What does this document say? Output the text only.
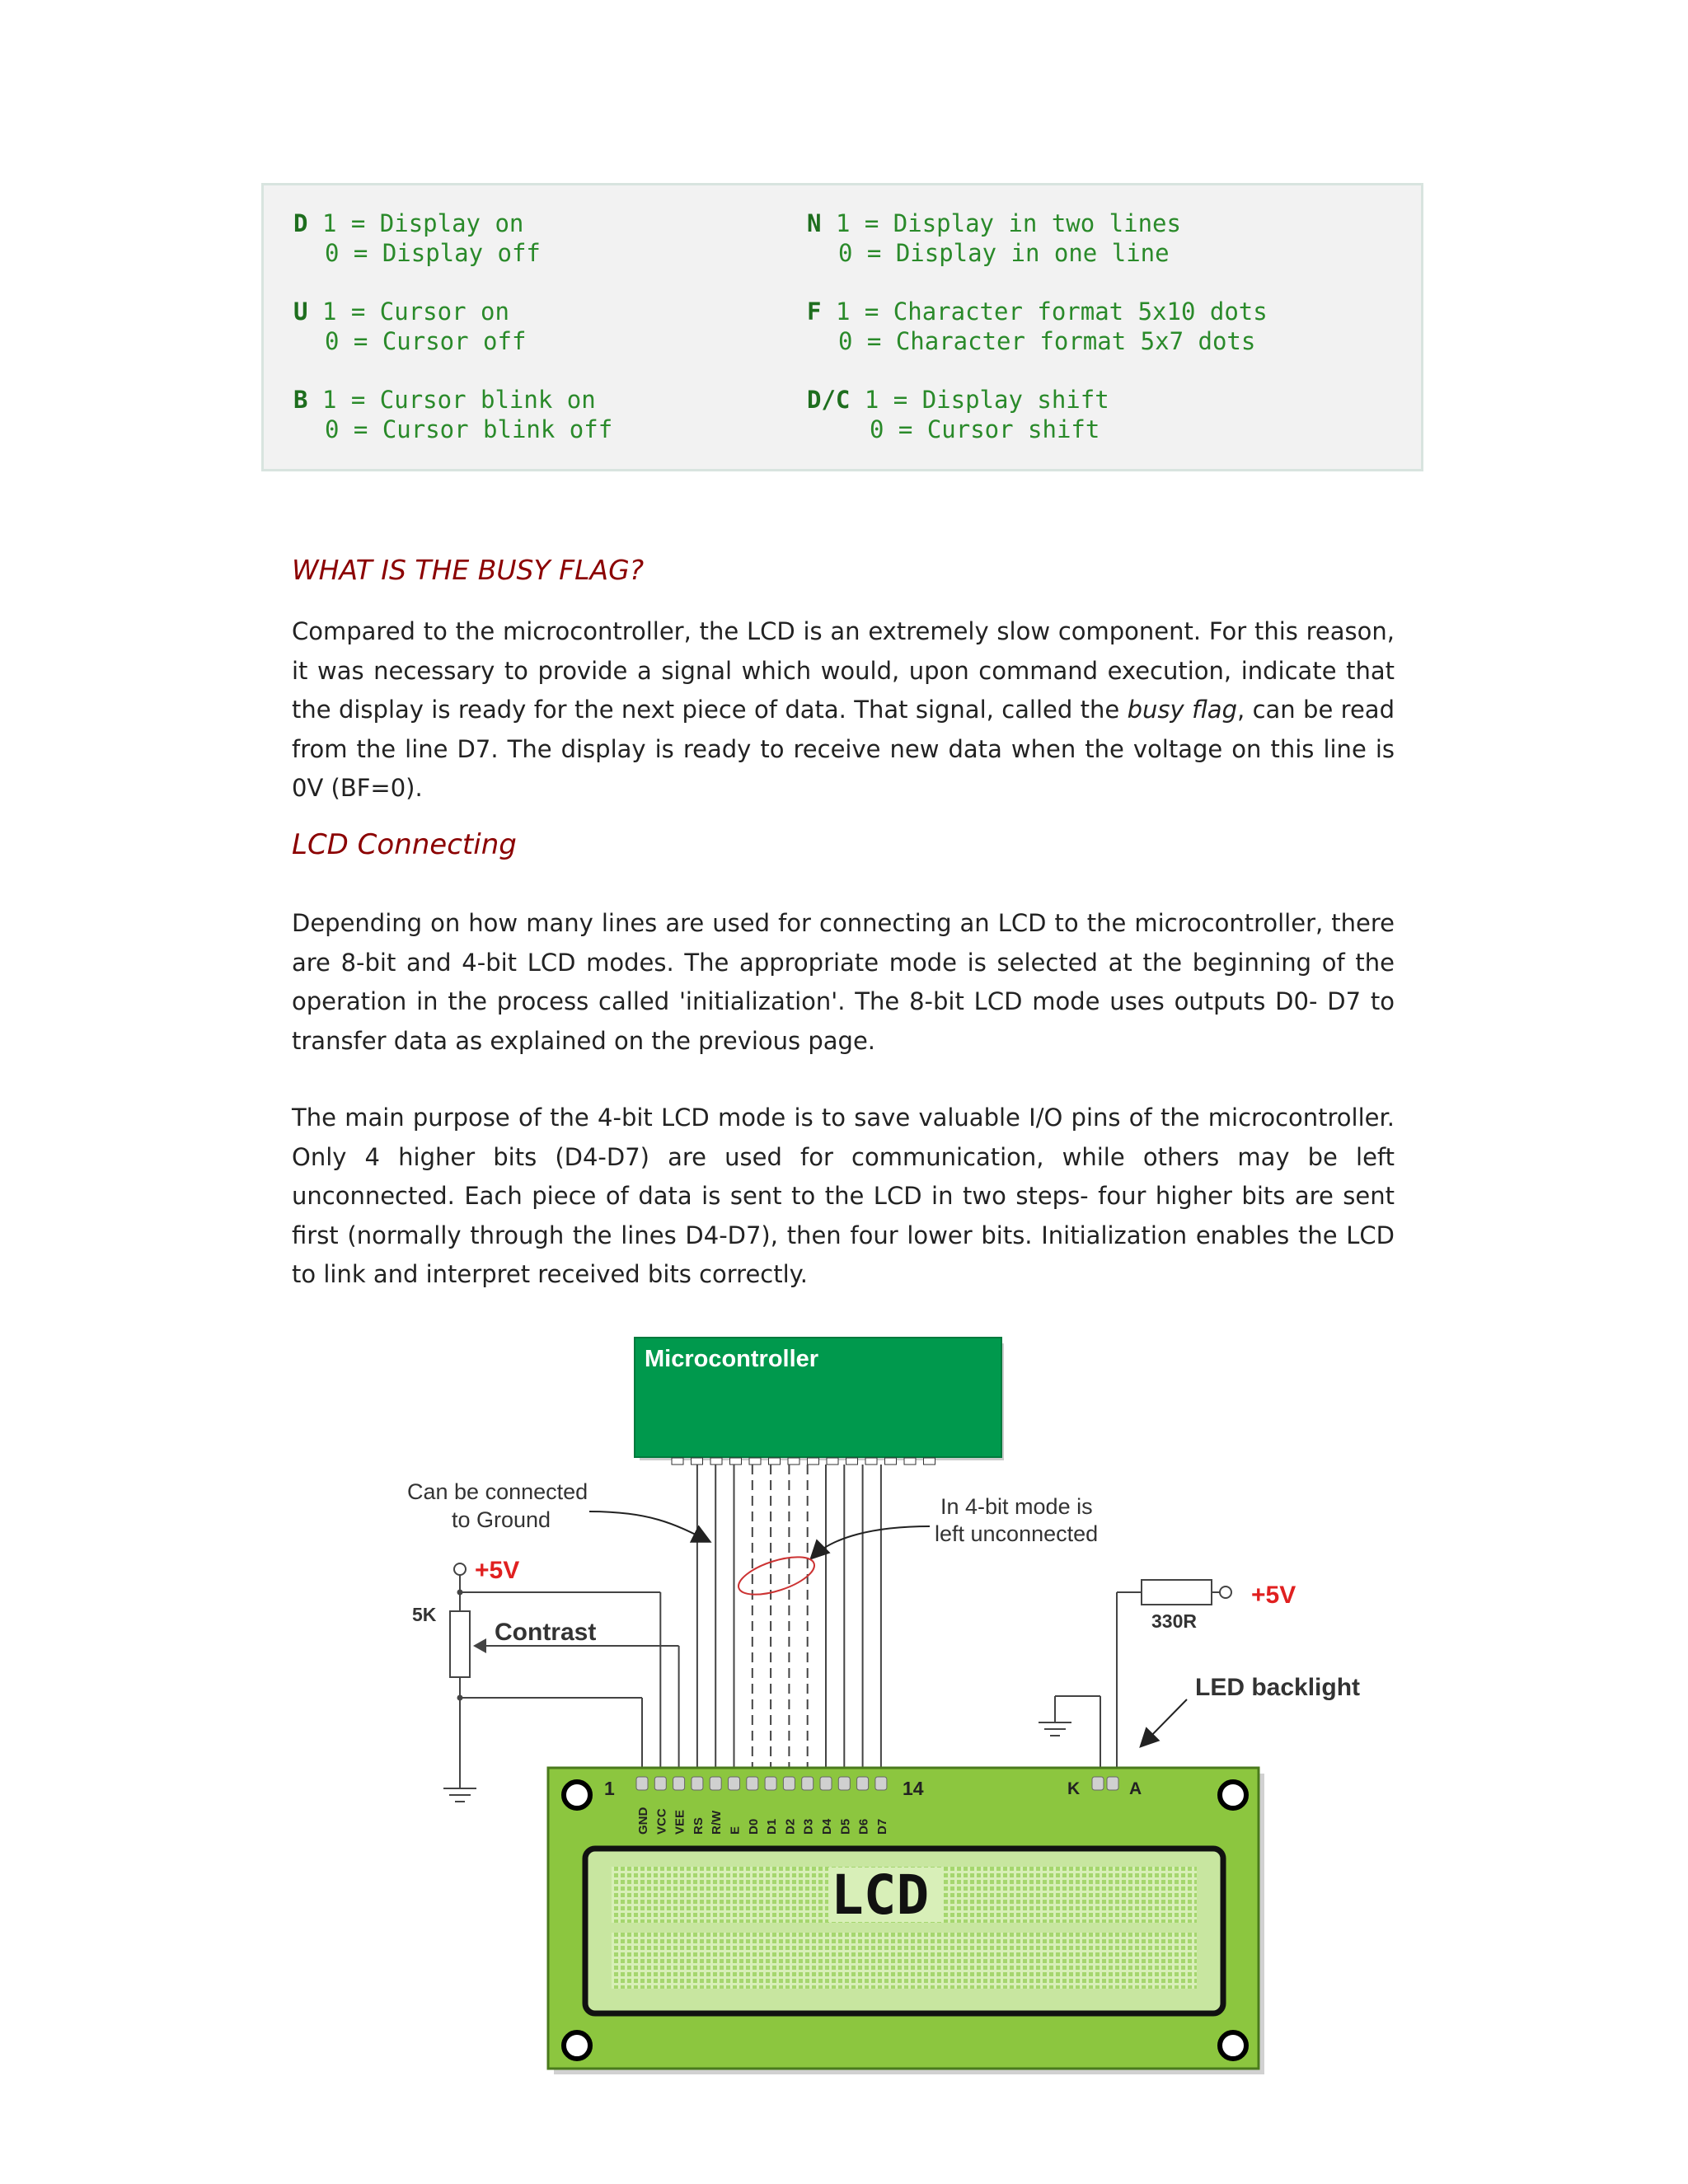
D 1 = Display on
0 = Display off
U 1 = Cursor on
0 = Cursor off
B 1 = Cursor blink on
0 = Cursor blink off
N 1 = Display in two lines
0 = Display in one line
F 1 = Character format 5x10 dots
0 = Character format 5x7 dots
D/C 1 = Display shift
0 = Cursor shift
WHAT IS THE BUSY FLAG?
Compared to the microcontroller, the LCD is an extremely slow component. For this reason, it was necessary to provide a signal which would, upon command execution, indicate that the display is ready for the next piece of data. That signal, called the busy flag, can be read from the line D7. The display is ready to receive new data when the voltage on this line is 0V (BF=0).
LCD Connecting
Depending on how many lines are used for connecting an LCD to the microcontroller, there are 8-bit and 4-bit LCD modes. The appropriate mode is selected at the beginning of the operation in the process called 'initialization'. The 8-bit LCD mode uses outputs D0- D7 to transfer data as explained on the previous page.
The main purpose of the 4-bit LCD mode is to save valuable I/O pins of the microcontroller. Only 4 higher bits (D4-D7) are used for communication, while others may be left unconnected. Each piece of data is sent to the LCD in two steps- four higher bits are sent first (normally through the lines D4-D7), then four lower bits. Initialization enables the LCD to link and interpret received bits correctly.
Microcontroller
Can be connected
to Ground
In 4-bit mode is
left unconnected
+5V
5K
Contrast
+5V
330R
LED backlight
1	14	K	A
GND VCC VEE RS R/W E D0 D1 D2 D3 D4 D5 D6 D7
LCD
